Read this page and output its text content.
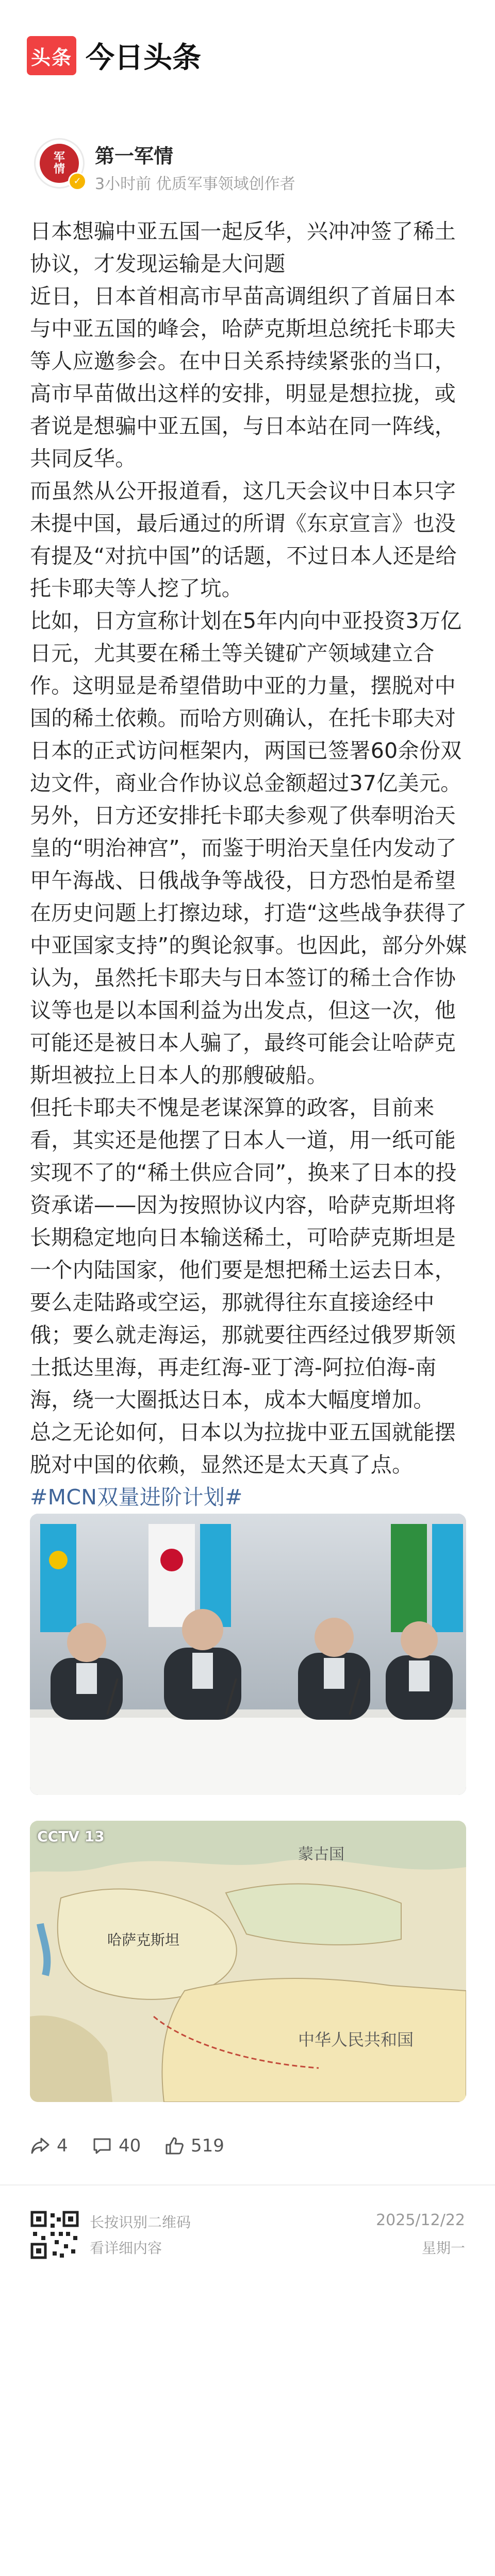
头条 今日头条
军
情
✓
第一军情
3小时前 优质军事领域创作者

日本想骗中亚五国一起反华，兴冲冲签了稀土协议，才发现运输是大问题

近日，日本首相高市早苗高调组织了首届日本与中亚五国的峰会，哈萨克斯坦总统托卡耶夫等人应邀参会。在中日关系持续紧张的当口，高市早苗做出这样的安排，明显是想拉拢，或者说是想骗中亚五国，与日本站在同一阵线，共同反华。

而虽然从公开报道看，这几天会议中日本只字未提中国，最后通过的所谓《东京宣言》也没有提及“对抗中国”的话题，不过日本人还是给托卡耶夫等人挖了坑。

比如，日方宣称计划在5年内向中亚投资3万亿日元，尤其要在稀土等关键矿产领域建立合作。这明显是希望借助中亚的力量，摆脱对中国的稀土依赖。而哈方则确认，在托卡耶夫对日本的正式访问框架内，两国已签署60余份双边文件，商业合作协议总金额超过37亿美元。

另外，日方还安排托卡耶夫参观了供奉明治天皇的“明治神宫”，而鉴于明治天皇任内发动了甲午海战、日俄战争等战役，日方恐怕是希望在历史问题上打擦边球，打造“这些战争获得了中亚国家支持”的舆论叙事。也因此，部分外媒认为，虽然托卡耶夫与日本签订的稀土合作协议等也是以本国利益为出发点，但这一次，他可能还是被日本人骗了，最终可能会让哈萨克斯坦被拉上日本人的那艘破船。

但托卡耶夫不愧是老谋深算的政客，目前来看，其实还是他摆了日本人一道，用一纸可能实现不了的“稀土供应合同”，换来了日本的投资承诺——因为按照协议内容，哈萨克斯坦将长期稳定地向日本输送稀土，可哈萨克斯坦是一个内陆国家，他们要是想把稀土运去日本，要么走陆路或空运，那就得往东直接途经中俄；要么就走海运，那就要往西经过俄罗斯领土抵达里海，再走红海-亚丁湾-阿拉伯海-南海，绕一大圈抵达日本，成本大幅度增加。

总之无论如何，日本以为拉拢中亚五国就能摆脱对中国的依赖，显然还是太天真了点。#MCN双量进阶计划#

CCTV 13
蒙古国
哈萨克斯坦
中华人民共和国
4	40	519
长按识别二维码
看详细内容
2025/12/22
星期一
